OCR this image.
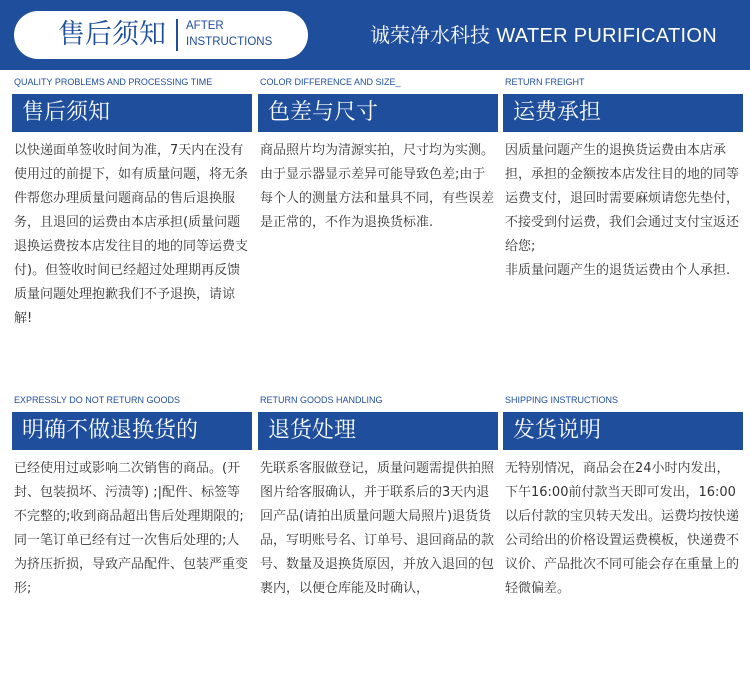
售后须知 AFTER
INSTRUCTIONS	诚荣净水科技 WATER PURIFICATION
QUALITY PROBLEMS AND PROCESSING TIME
售后须知

以快递面单签收时间为准，7天内在没有使用过的前提下，如有质量问题，将无条件帮您办理质量问题商品的售后退换服务，且退回的运费由本店承担(质量问题退换运费按本店发往目的地的同等运费支付)。但签收时间已经超过处理期再反馈质量问题处理抱歉我们不予退换，请谅解!

COLOR DIFFERENCE AND SIZE_
色差与尺寸

商品照片均为清源实拍，尺寸均为实测。由于显示器显示差异可能导致色差;由于每个人的测量方法和量具不同，有些误差是正常的，不作为退换货标准.

RETURN FREIGHT
运费承担

因质量问题产生的退换货运费由本店承担，承担的金额按本店发往目的地的同等运费支付，退回时需要麻烦请您先垫付，不接受到付运费，我们会通过支付宝返还给您;

非质量问题产生的退货运费由个人承担.

EXPRESSLY DO NOT RETURN GOODS
明确不做退换货的

已经使用过或影响二次销售的商品。(开封、包装损坏、污渍等) ;|配件、标签等不完整的;收到商品超出售后处理期限的;同一笔订单已经有过一次售后处理的;人为挤压折损，导致产品配件、包装严重变形;

RETURN GOODS HANDLING
退货处理

先联系客服做登记，质量问题需提供拍照图片给客服确认，并于联系后的3天内退回产品(请拍出质量问题大局照片)退货货品，写明账号名、订单号、退回商品的款号、数量及退换货原因，并放入退回的包裹内，以便仓库能及时确认，

SHIPPING INSTRUCTIONS
发货说明

无特别情况，商品会在24小时内发出，下午16:00前付款当天即可发出，16:00以后付款的宝贝转天发出。运费均按快递公司给出的价格设置运费模板，快递费不议价、产品批次不同可能会存在重量上的轻微偏差。
